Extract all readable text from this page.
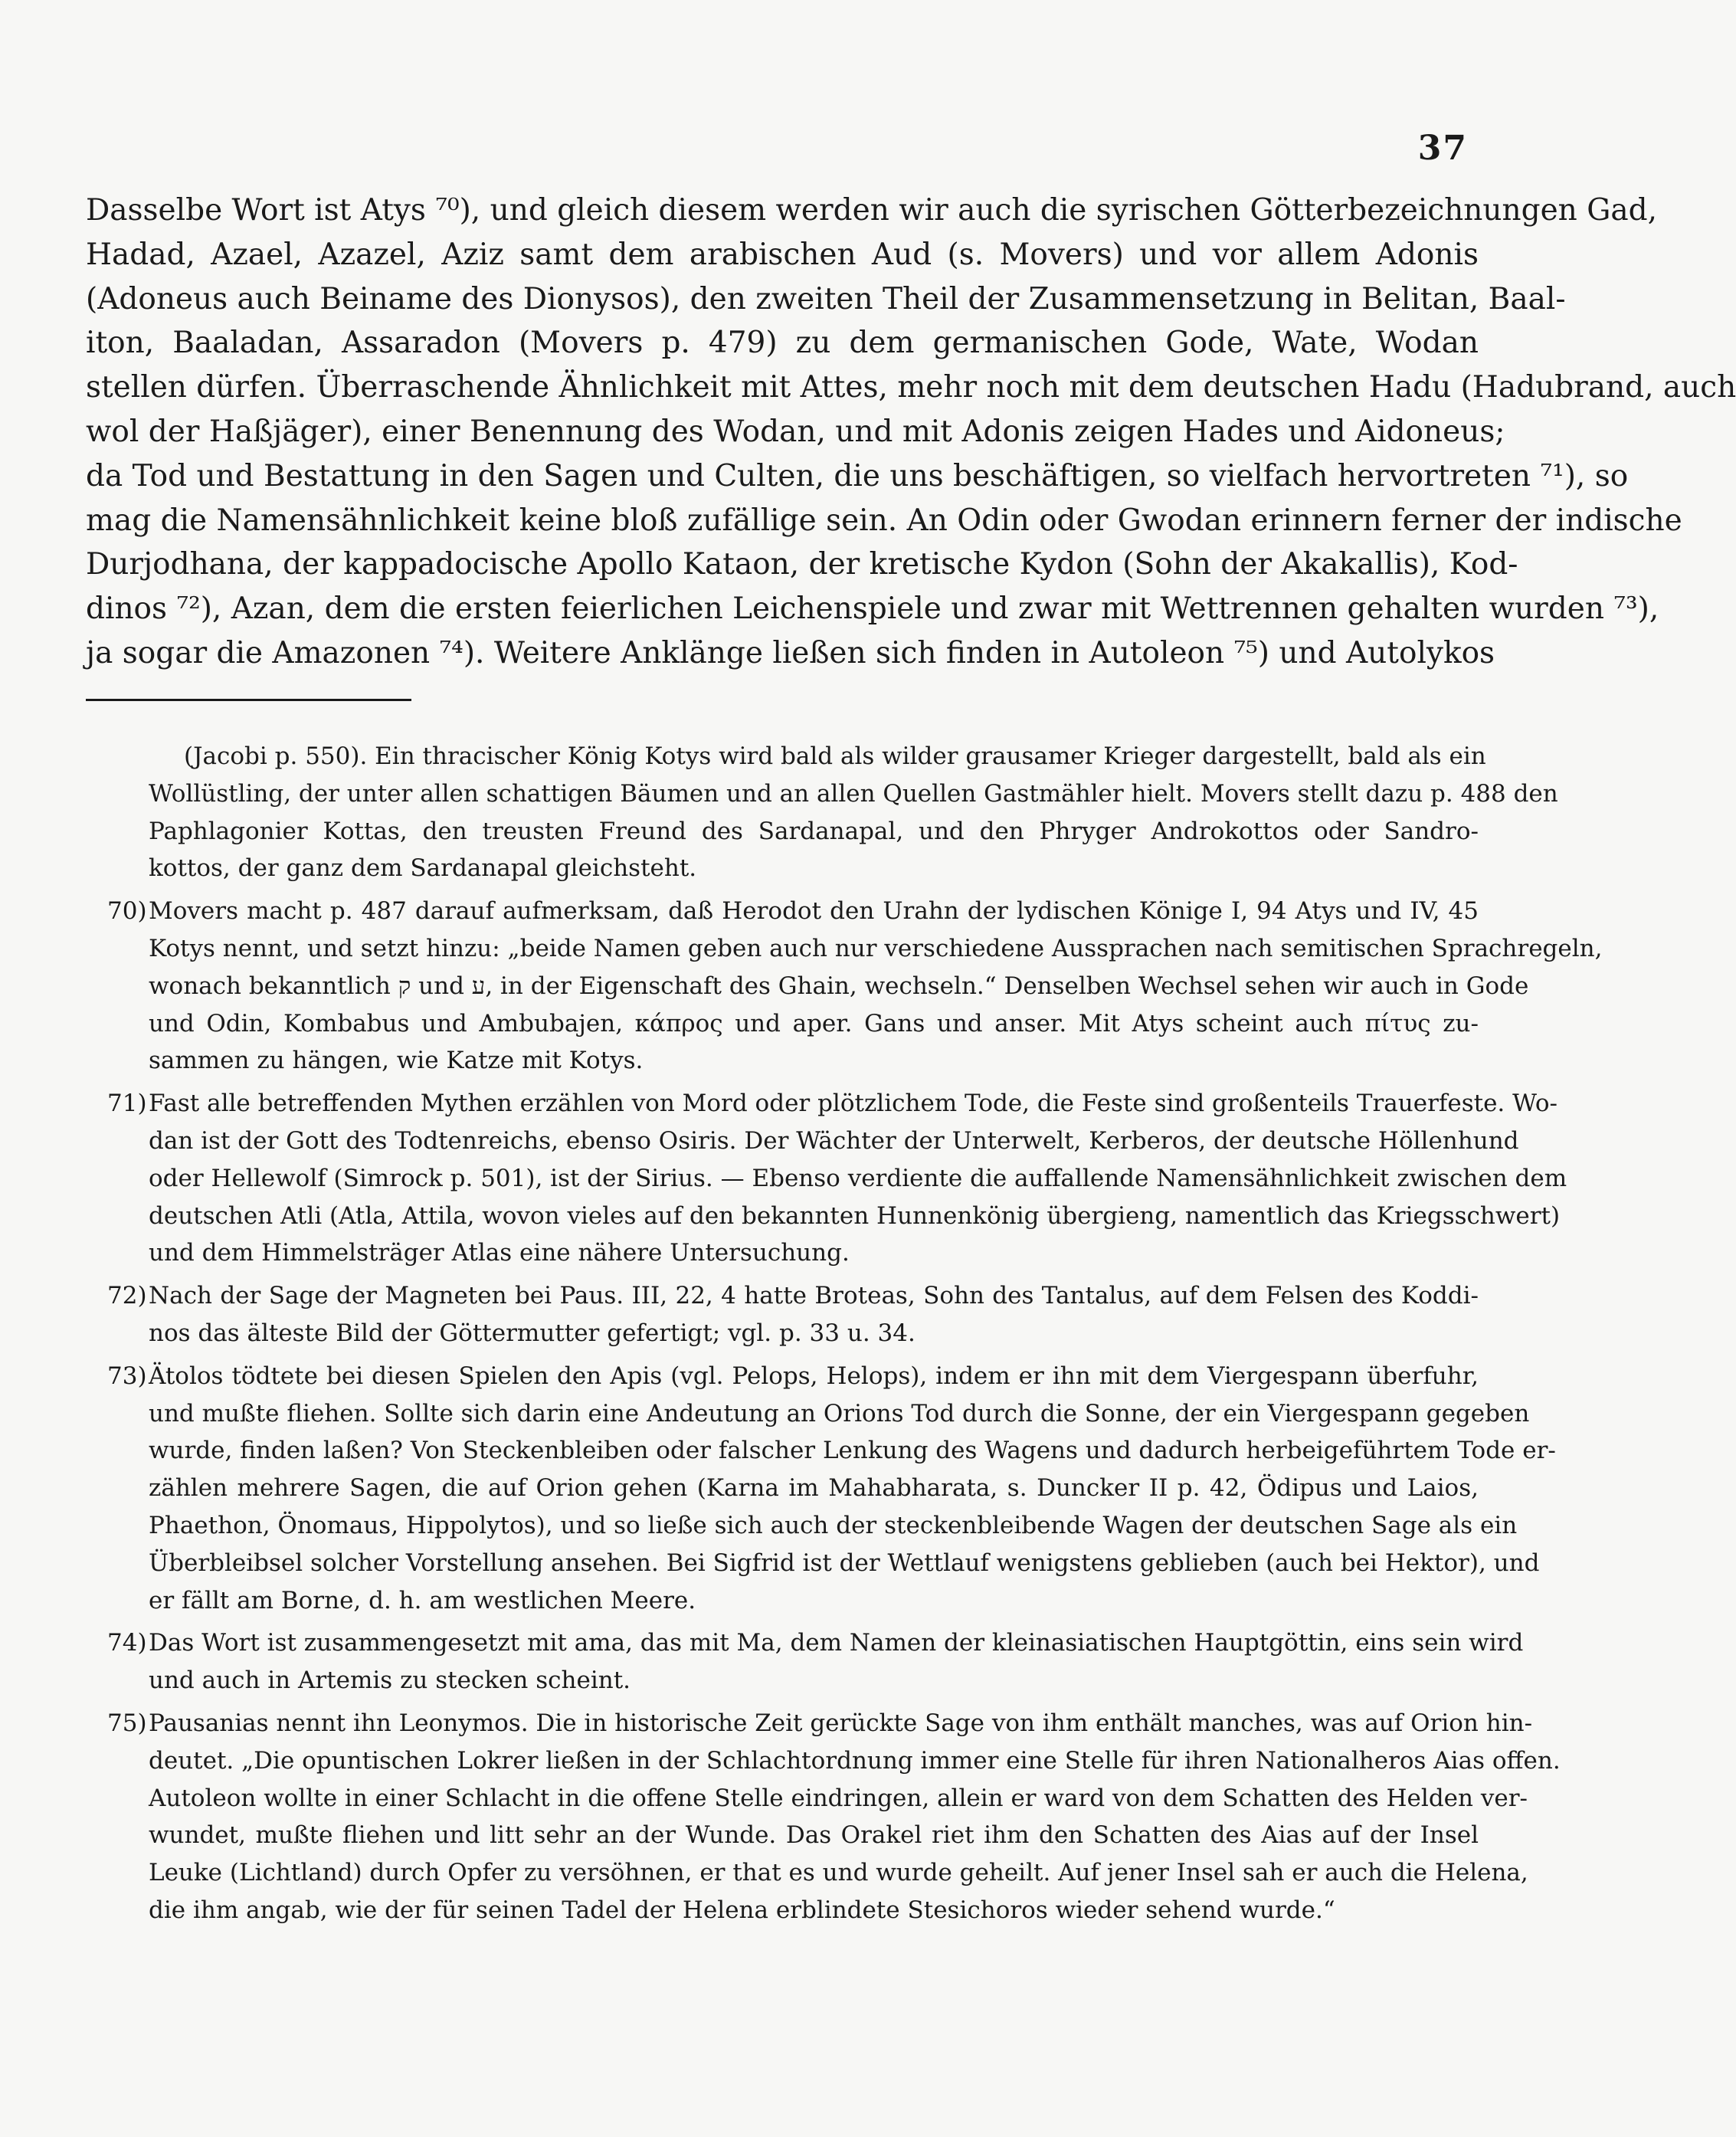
37
Dasselbe Wort ist Atys ⁷⁰), und gleich diesem werden wir auch die syrischen Götterbezeichnungen Gad,
Hadad, Azael, Azazel, Aziz samt dem arabischen Aud (s. Movers) und vor allem Adonis
(Adoneus auch Beiname des Dionysos), den zweiten Theil der Zusammensetzung in Belitan, Baal-
iton, Baaladan, Assaradon (Movers p. 479) zu dem germanischen Gode, Wate, Wodan
stellen dürfen. Überraschende Ähnlichkeit mit Attes, mehr noch mit dem deutschen Hadu (Hadubrand, auch
wol der Haßjäger), einer Benennung des Wodan, und mit Adonis zeigen Hades und Aidoneus;
da Tod und Bestattung in den Sagen und Culten, die uns beschäftigen, so vielfach hervortreten ⁷¹), so
mag die Namensähnlichkeit keine bloß zufällige sein. An Odin oder Gwodan erinnern ferner der indische
Durjodhana, der kappadocische Apollo Kataon, der kretische Kydon (Sohn der Akakallis), Kod-
dinos ⁷²), Azan, dem die ersten feierlichen Leichenspiele und zwar mit Wettrennen gehalten wurden ⁷³),
ja sogar die Amazonen ⁷⁴). Weitere Anklänge ließen sich finden in Autoleon ⁷⁵) und Autolykos
(Jacobi p. 550). Ein thracischer König Kotys wird bald als wilder grausamer Krieger dargestellt, bald als ein
Wollüstling, der unter allen schattigen Bäumen und an allen Quellen Gastmähler hielt. Movers stellt dazu p. 488 den
Paphlagonier Kottas, den treusten Freund des Sardanapal, und den Phryger Androkottos oder Sandro-
kottos, der ganz dem Sardanapal gleichsteht.
70) Movers macht p. 487 darauf aufmerksam, daß Herodot den Urahn der lydischen Könige I, 94 Atys und IV, 45
Kotys nennt, und setzt hinzu: „beide Namen geben auch nur verschiedene Aussprachen nach semitischen Sprachregeln,
wonach bekanntlich ק und ע, in der Eigenschaft des Ghain, wechseln.“ Denselben Wechsel sehen wir auch in Gode
und Odin, Kombabus und Ambubajen, κάπρος und aper. Gans und anser. Mit Atys scheint auch πίτυς zu-
sammen zu hängen, wie Katze mit Kotys.
71) Fast alle betreffenden Mythen erzählen von Mord oder plötzlichem Tode, die Feste sind großenteils Trauerfeste. Wo-
dan ist der Gott des Todtenreichs, ebenso Osiris. Der Wächter der Unterwelt, Kerberos, der deutsche Höllenhund
oder Hellewolf (Simrock p. 501), ist der Sirius. — Ebenso verdiente die auffallende Namensähnlichkeit zwischen dem
deutschen Atli (Atla, Attila, wovon vieles auf den bekannten Hunnenkönig übergieng, namentlich das Kriegsschwert)
und dem Himmelsträger Atlas eine nähere Untersuchung.
72) Nach der Sage der Magneten bei Paus. III, 22, 4 hatte Broteas, Sohn des Tantalus, auf dem Felsen des Koddi-
nos das älteste Bild der Göttermutter gefertigt; vgl. p. 33 u. 34.
73) Ätolos tödtete bei diesen Spielen den Apis (vgl. Pelops, Helops), indem er ihn mit dem Viergespann überfuhr,
und mußte fliehen. Sollte sich darin eine Andeutung an Orions Tod durch die Sonne, der ein Viergespann gegeben
wurde, finden laßen? Von Steckenbleiben oder falscher Lenkung des Wagens und dadurch herbeigeführtem Tode er-
zählen mehrere Sagen, die auf Orion gehen (Karna im Mahabharata, s. Duncker II p. 42, Ödipus und Laios,
Phaethon, Önomaus, Hippolytos), und so ließe sich auch der steckenbleibende Wagen der deutschen Sage als ein
Überbleibsel solcher Vorstellung ansehen. Bei Sigfrid ist der Wettlauf wenigstens geblieben (auch bei Hektor), und
er fällt am Borne, d. h. am westlichen Meere.
74) Das Wort ist zusammengesetzt mit ama, das mit Ma, dem Namen der kleinasiatischen Hauptgöttin, eins sein wird
und auch in Artemis zu stecken scheint.
75) Pausanias nennt ihn Leonymos. Die in historische Zeit gerückte Sage von ihm enthält manches, was auf Orion hin-
deutet. „Die opuntischen Lokrer ließen in der Schlachtordnung immer eine Stelle für ihren Nationalheros Aias offen.
Autoleon wollte in einer Schlacht in die offene Stelle eindringen, allein er ward von dem Schatten des Helden ver-
wundet, mußte fliehen und litt sehr an der Wunde. Das Orakel riet ihm den Schatten des Aias auf der Insel
Leuke (Lichtland) durch Opfer zu versöhnen, er that es und wurde geheilt. Auf jener Insel sah er auch die Helena,
die ihm angab, wie der für seinen Tadel der Helena erblindete Stesichoros wieder sehend wurde.“
